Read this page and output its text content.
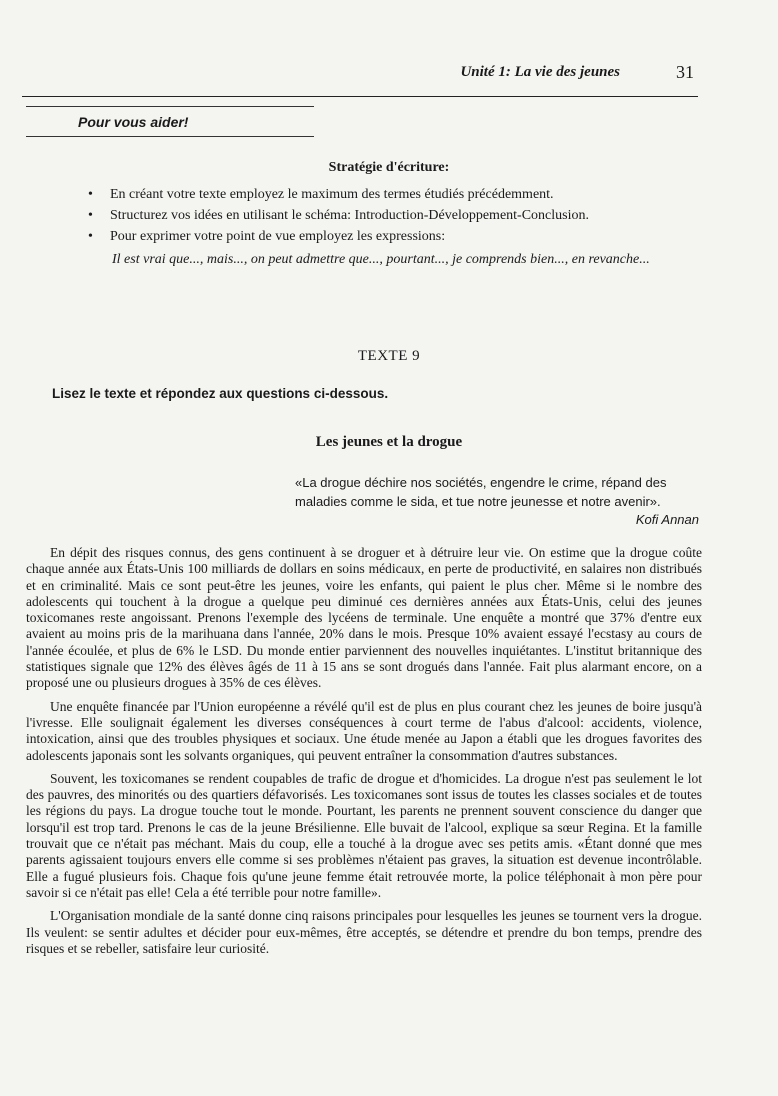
Unité 1: La vie des jeunes	31
Pour vous aider!
Stratégie d'écriture:
• En créant votre texte employez le maximum des termes étudiés précédemment.
• Structurez vos idées en utilisant le schéma: Introduction-Développement-Conclusion.
• Pour exprimer votre point de vue employez les expressions:
Il est vrai que..., mais..., on peut admettre que..., pourtant..., je comprends bien..., en revanche...
TEXTE 9
Lisez le texte et répondez aux questions ci-dessous.
Les jeunes et la drogue
«La drogue déchire nos sociétés, engendre le crime, répand des maladies comme le sida, et tue notre jeunesse et notre avenir».
Kofi Annan

En dépit des risques connus, des gens continuent à se droguer et à détruire leur vie. On estime que la drogue coûte chaque année aux États-Unis 100 milliards de dollars en soins médicaux, en perte de productivité, en salaires non distribués et en criminalité. Mais ce sont peut-être les jeunes, voire les enfants, qui paient le plus cher. Même si le nombre des adolescents qui touchent à la drogue a quelque peu diminué ces dernières années aux États-Unis, celui des jeunes toxicomanes reste angoissant. Prenons l'exemple des lycéens de terminale. Une enquête a montré que 37% d'entre eux avaient au moins pris de la marihuana dans l'année, 20% dans le mois. Presque 10% avaient essayé l'ecstasy au cours de l'année écoulée, et plus de 6% le LSD. Du monde entier parviennent des nouvelles inquiétantes. L'institut britannique des statistiques signale que 12% des élèves âgés de 11 à 15 ans se sont drogués dans l'année. Fait plus alarmant encore, on a proposé une ou plusieurs drogues à 35% de ces élèves.

Une enquête financée par l'Union européenne a révélé qu'il est de plus en plus courant chez les jeunes de boire jusqu'à l'ivresse. Elle soulignait également les diverses conséquences à court terme de l'abus d'alcool: accidents, violence, intoxication, ainsi que des troubles physiques et sociaux. Une étude menée au Japon a établi que les drogues favorites des adolescents japonais sont les solvants organiques, qui peuvent entraîner la consommation d'autres substances.

Souvent, les toxicomanes se rendent coupables de trafic de drogue et d'homicides. La drogue n'est pas seulement le lot des pauvres, des minorités ou des quartiers défavorisés. Les toxicomanes sont issus de toutes les classes sociales et de toutes les régions du pays. La drogue touche tout le monde. Pourtant, les parents ne prennent souvent conscience du danger que lorsqu'il est trop tard. Prenons le cas de la jeune Brésilienne. Elle buvait de l'alcool, explique sa sœur Regina. Et la famille trouvait que ce n'était pas méchant. Mais du coup, elle a touché à la drogue avec ses petits amis. «Étant donné que mes parents agissaient toujours envers elle comme si ses problèmes n'étaient pas graves, la situation est devenue incontrôlable. Elle a fugué plusieurs fois. Chaque fois qu'une jeune femme était retrouvée morte, la police téléphonait à mon père pour savoir si ce n'était pas elle! Cela a été terrible pour notre famille».

L'Organisation mondiale de la santé donne cinq raisons principales pour lesquelles les jeunes se tournent vers la drogue. Ils veulent: se sentir adultes et décider pour eux-mêmes, être acceptés, se détendre et prendre du bon temps, prendre des risques et se rebeller, satisfaire leur curiosité.
